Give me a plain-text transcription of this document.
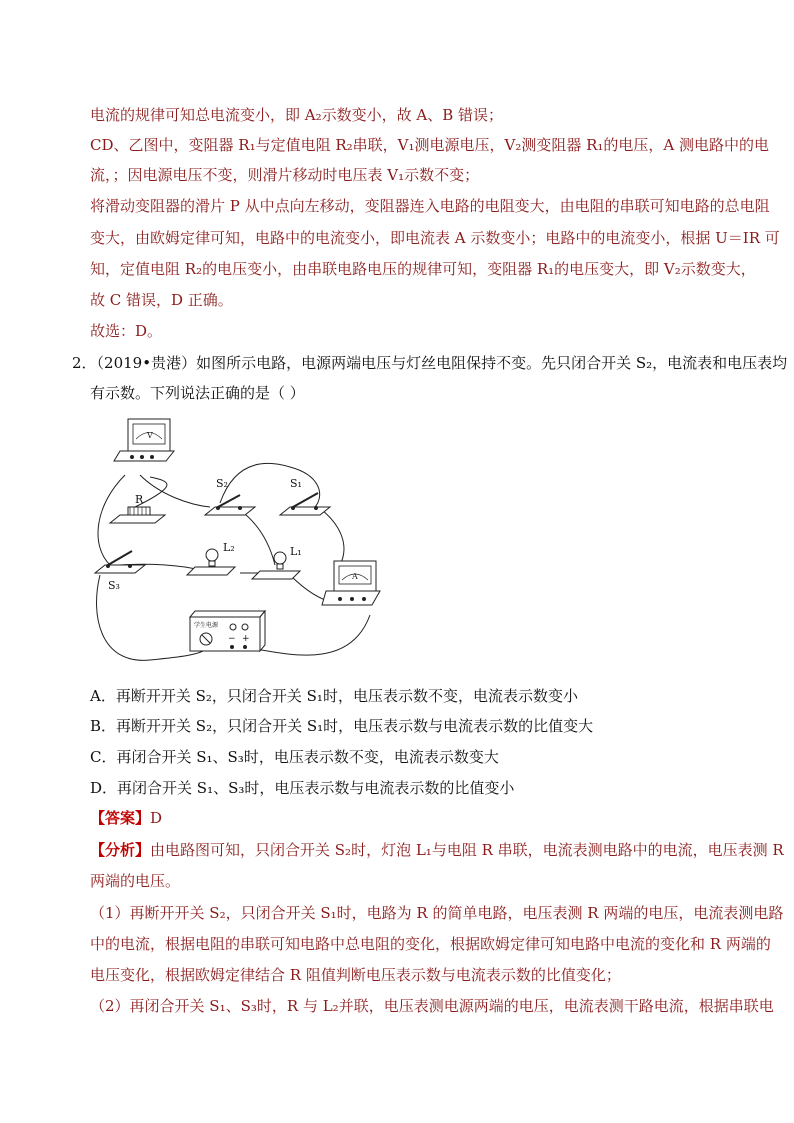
电流的规律可知总电流变小，即 A₂示数变小，故 A、B 错误；
CD、乙图中，变阻器 R₁与定值电阻 R₂串联，V₁测电源电压，V₂测变阻器 R₁的电压，A 测电路中的电
流，；因电源电压不变，则滑片移动时电压表 V₁示数不变；
将滑动变阻器的滑片 P 从中点向左移动，变阻器连入电路的电阻变大，由电阻的串联可知电路的总电阻
变大，由欧姆定律可知，电路中的电流变小，即电流表 A 示数变小；电路中的电流变小，根据 U＝IR 可
知，定值电阻 R₂的电压变小，由串联电路电压的规律可知，变阻器 R₁的电压变大，即 V₂示数变大，
故 C 错误，D 正确。
故选：D。
2．（2019•贵港）如图所示电路，电源两端电压与灯丝电阻保持不变。先只闭合开关 S₂，电流表和电压表均
有示数。下列说法正确的是（ ）
V
R
S₂	S₁
S₃
L₂	L₁
A
学生电源
− +
A．再断开开关 S₂，只闭合开关 S₁时，电压表示数不变，电流表示数变小
B．再断开开关 S₂，只闭合开关 S₁时，电压表示数与电流表示数的比值变大
C．再闭合开关 S₁、S₃时，电压表示数不变，电流表示数变大
D．再闭合开关 S₁、S₃时，电压表示数与电流表示数的比值变小
【答案】D
【分析】由电路图可知，只闭合开关 S₂时，灯泡 L₁与电阻 R 串联，电流表测电路中的电流，电压表测 R
两端的电压。
（1）再断开开关 S₂，只闭合开关 S₁时，电路为 R 的简单电路，电压表测 R 两端的电压，电流表测电路
中的电流，根据电阻的串联可知电路中总电阻的变化，根据欧姆定律可知电路中电流的变化和 R 两端的
电压变化，根据欧姆定律结合 R 阻值判断电压表示数与电流表示数的比值变化；
（2）再闭合开关 S₁、S₃时，R 与 L₂并联，电压表测电源两端的电压，电流表测干路电流，根据串联电
